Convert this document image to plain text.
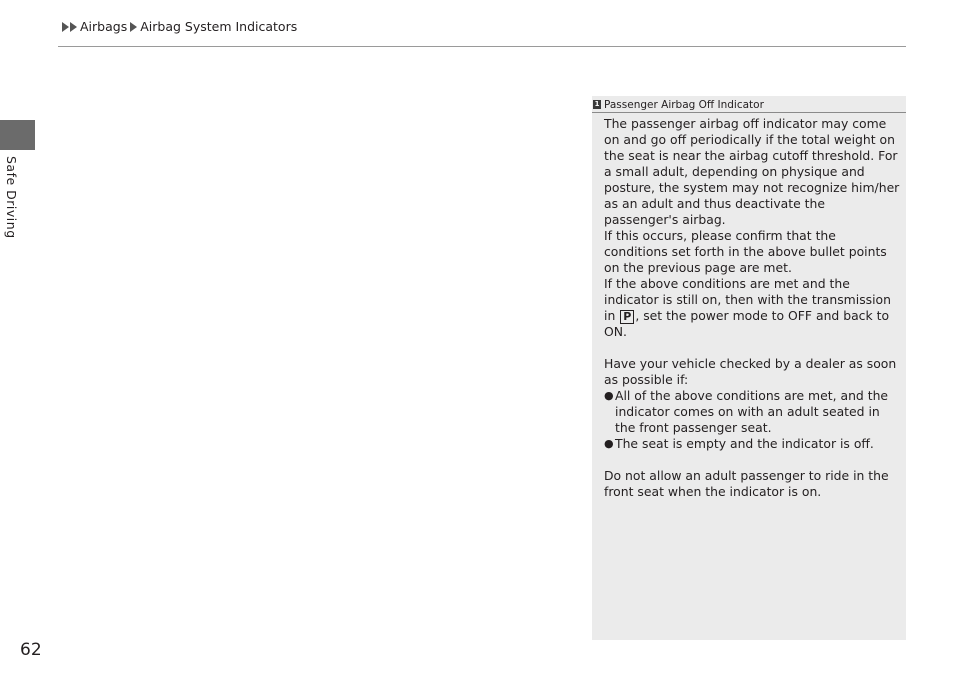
Airbags Airbag System Indicators
Safe Driving
1 Passenger Airbag Off Indicator

The passenger airbag off indicator may come on and go off periodically if the total weight on the seat is near the airbag cutoff threshold. For a small adult, depending on physique and posture, the system may not recognize him/her as an adult and thus deactivate the passenger's airbag.

If this occurs, please confirm that the conditions set forth in the above bullet points on the previous page are met.

If the above conditions are met and the indicator is still on, then with the transmission in P , set the power mode to OFF and back to ON.

Have your vehicle checked by a dealer as soon as possible if:

● All of the above conditions are met, and the indicator comes on with an adult seated in the front passenger seat.
● The seat is empty and the indicator is off.

Do not allow an adult passenger to ride in the front seat when the indicator is on.

62
